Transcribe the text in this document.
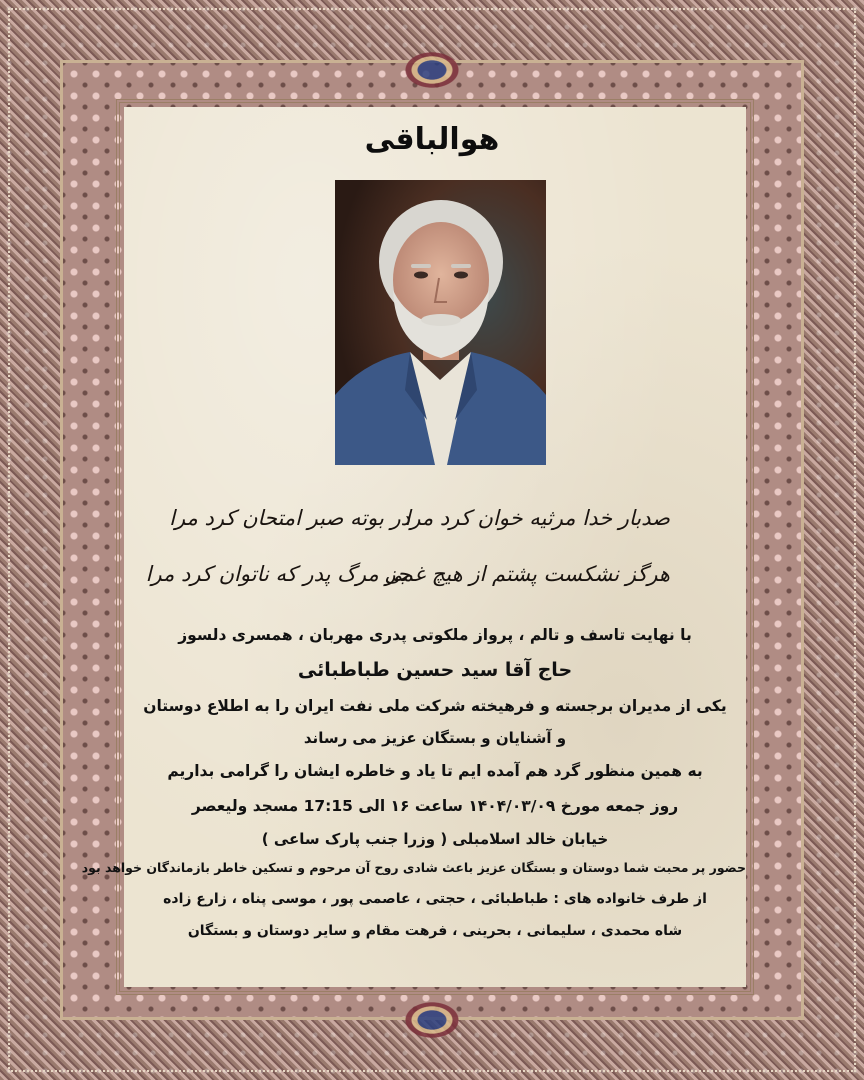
هوالباقی
صدبار خدا مرثیه خوان کرد مرا
در بوته صبر امتحان کرد مرا
هرگز نشکست پشتم از هیچ غمی
جز مرگ پدر که ناتوان کرد مرا
با نهایت تاسف و تالم ، پرواز ملکوتی پدری مهربان ، همسری دلسوز
حاج آقا سید حسین طباطبائی
یکی از مدیران برجسته و فرهیخته شرکت ملی نفت ایران را به اطلاع دوستان
و آشنایان و بستگان عزیز می رساند
به همین منظور گرد هم آمده ایم تا یاد و خاطره ایشان را گرامی بداریم
روز جمعه مورخ ۱۴۰۴/۰۳/۰۹ ساعت ۱۶ الی 17:15 مسجد ولیعصر
خیابان خالد اسلامبلی ( وزرا جنب پارک ساعی )
حضور پر محبت شما دوستان و بستگان عزیز باعث شادی روح آن مرحوم و تسکین خاطر بازماندگان خواهد بود
از طرف خانواده های : طباطبائی ، حجتی ، عاصمی پور ، موسی پناه ، زارع زاده
شاه محمدی ، سلیمانی ، بحرینی ، فرهت مقام و سایر دوستان و بستگان
